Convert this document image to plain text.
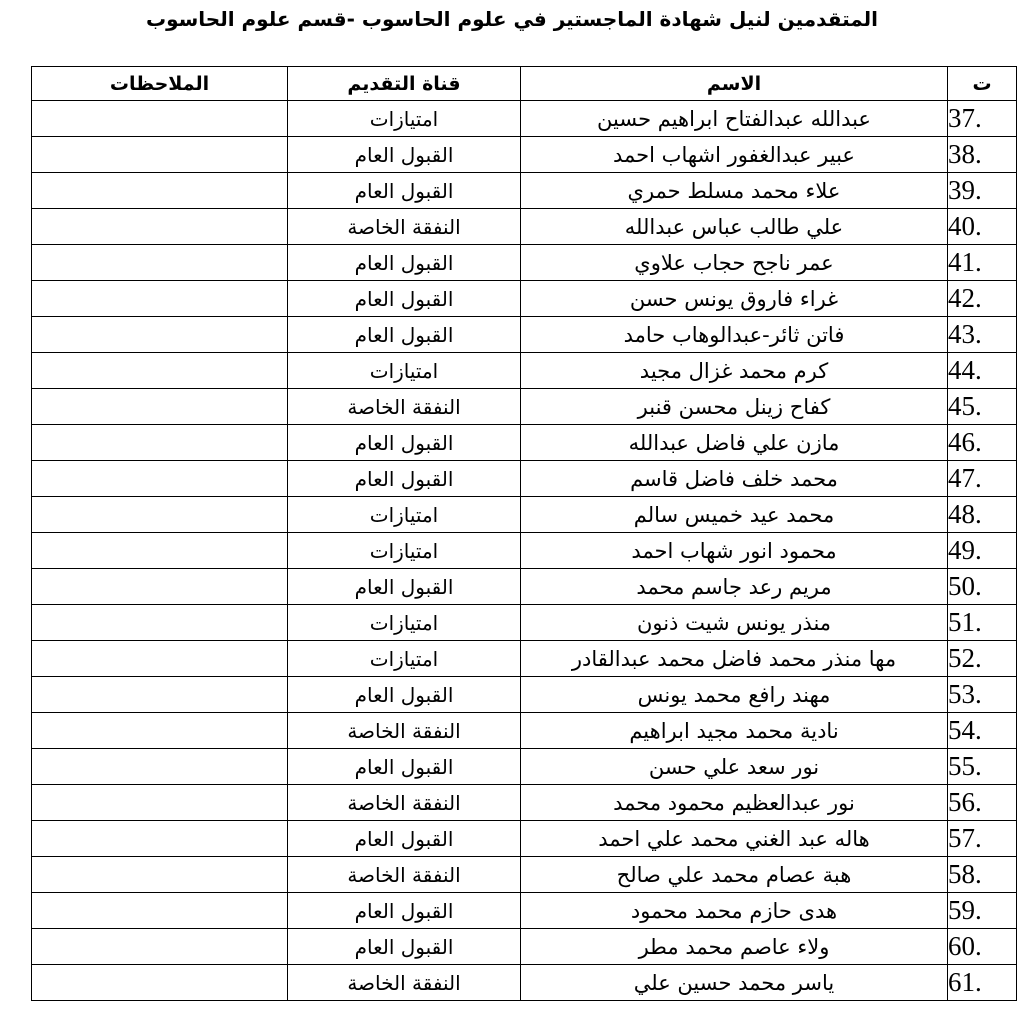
المتقدمين لنيل شهادة الماجستير في علوم الحاسوب -قسم علوم الحاسوب
ت	الاسم	قناة التقديم	الملاحظات
37.	عبدالله عبدالفتاح ابراهيم حسين	امتيازات	
38.	عبير عبدالغفور اشهاب احمد	القبول العام	
39.	علاء محمد مسلط حمري	القبول العام	
40.	علي طالب عباس عبدالله	النفقة الخاصة	
41.	عمر ناجح حجاب علاوي	القبول العام	
42.	غراء فاروق يونس حسن	القبول العام	
43.	فاتن ثائر-عبدالوهاب حامد	القبول العام	
44.	كرم محمد غزال مجيد	امتيازات	
45.	كفاح زينل محسن قنبر	النفقة الخاصة	
46.	مازن علي فاضل عبدالله	القبول العام	
47.	محمد خلف فاضل قاسم	القبول العام	
48.	محمد عيد خميس سالم	امتيازات	
49.	محمود انور شهاب احمد	امتيازات	
50.	مريم رعد جاسم محمد	القبول العام	
51.	منذر يونس شيت ذنون	امتيازات	
52.	مها منذر محمد فاضل محمد عبدالقادر	امتيازات	
53.	مهند رافع محمد يونس	القبول العام	
54.	نادية محمد مجيد ابراهيم	النفقة الخاصة	
55.	نور سعد علي حسن	القبول العام	
56.	نور عبدالعظيم محمود محمد	النفقة الخاصة	
57.	هاله عبد الغني محمد علي احمد	القبول العام	
58.	هبة عصام محمد علي صالح	النفقة الخاصة	
59.	هدى حازم محمد محمود	القبول العام	
60.	ولاء عاصم محمد مطر	القبول العام	
61.	ياسر محمد حسين علي	النفقة الخاصة	
